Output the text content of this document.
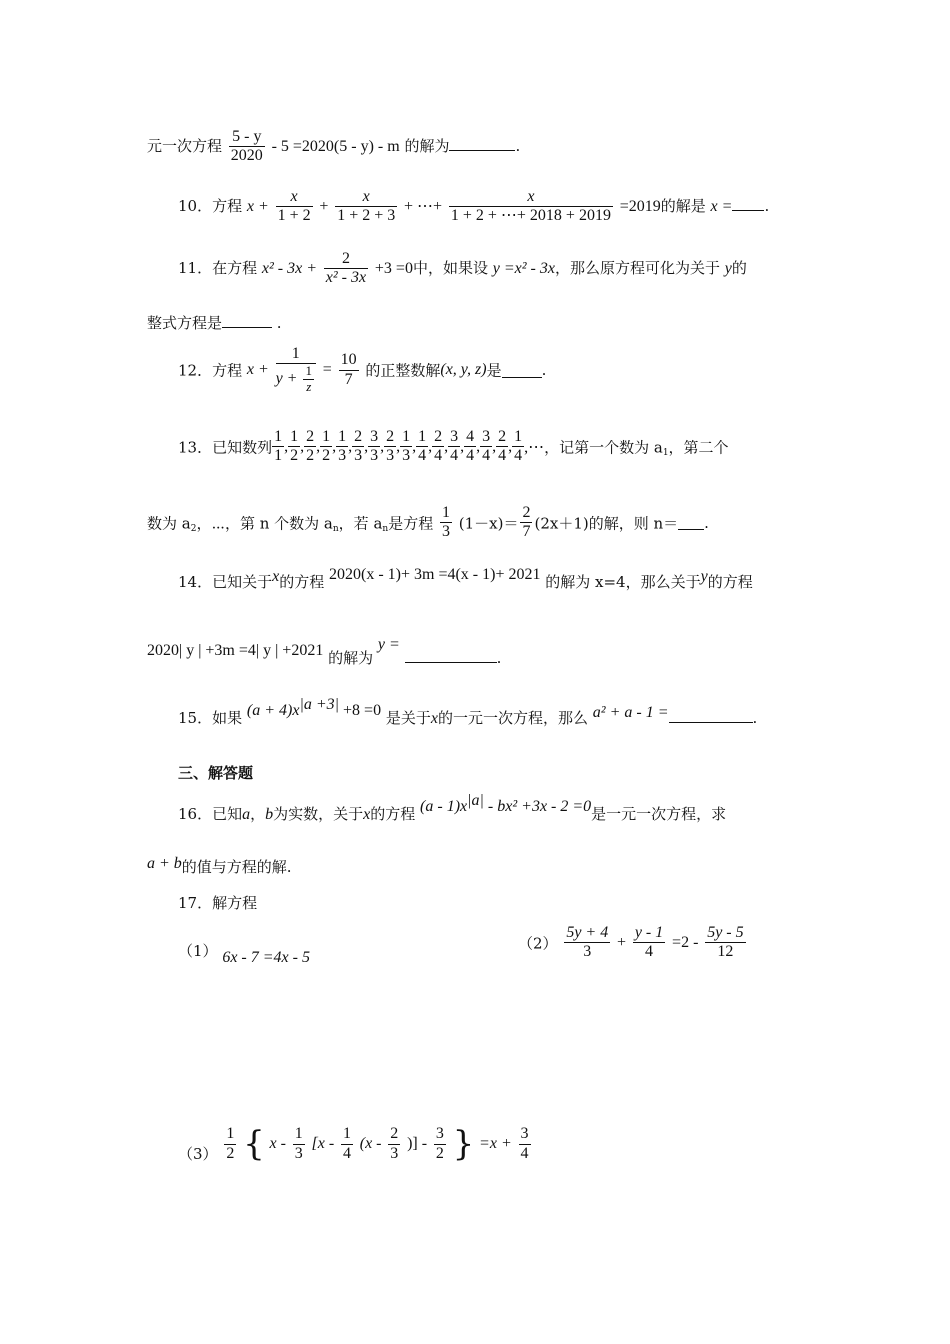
元一次方程 $\frac{5 - y}{2020} - 5 =2020(5 - y) - m$ 的解为	.
10．方程 $x + \frac{x}{1 + 2} + \frac{x}{1 + 2 + 3}$ + ⋯+ $\frac{x}{1 + 2 + \cdots+ 2018 + 2019} =2019$的解是 x = .
11．在方程 $x^2 - 3x + \frac{2}{\text{x² - 3x}} +3 =0$中，如果设 y =x² - 3x，那么原方程可化为关于 y的
整式方程是	.
12．方程 $x + \frac{1}{y + \frac{1}{z}} = \frac{10}{7}$ 的正整数解(x, y, z)是	.
13．已知数列 $\frac{1}{1}$ , $\frac{1}{2}$ , $\frac{2}{2}$ , $\frac{1}{2}$ , $\frac{1}{3}$ , $\frac{2}{3}$ , $\frac{3}{3}$ , $\frac{2}{3}$ , $\frac{1}{3}$ , $\frac{1}{4}$ , $\frac{2}{4}$ , $\frac{3}{4}$ , $\frac{4}{4}$ , $\frac{3}{4}$ , $\frac{2}{4}$ , $\frac{1}{4}$ ,⋯，记第一个数为 $a_1$，第二个
数为 $a_2$，⋯，第 n 个数为 $a_n$，若 $a_n$是方程 $\frac{1}{3} (1-x)= \frac{2}{7} (2x+1)$的解，则 n＝ .
14．已知关于$^x$的方程 2020(x - 1)+ 3m =4(x - 1)+ 2021 的解为 x=4，那么关于$^y$的方程
2020| y | +3m =4| y | +2021 的解为 $^{y =}$ .
15．如果 $(a + 4)x^{|a +3|} +8 =0$ 是关于x的一元一次方程，那么 a² + a - 1 =	.
三、解答题
16．已知a，b为实数，关于x的方程 $(a - 1)x^{|a|} - bx^2 +3x - 2 =0$是一元一次方程，求
a + b的值与方程的解.
17．解方程
（1） 6x - 7 =4x - 5
$(2) \frac{5y + 4}{3} + \frac{y - 1}{4} =2 - \frac{5y - 5}{12}$
$(3) \frac{1}{2}$ { x - $\frac{1}{3} [x - \frac{1}{4} (x - \frac{2}{3}$ )] - $\frac{3}{2}$ } $=x + \frac{3}{4}$
